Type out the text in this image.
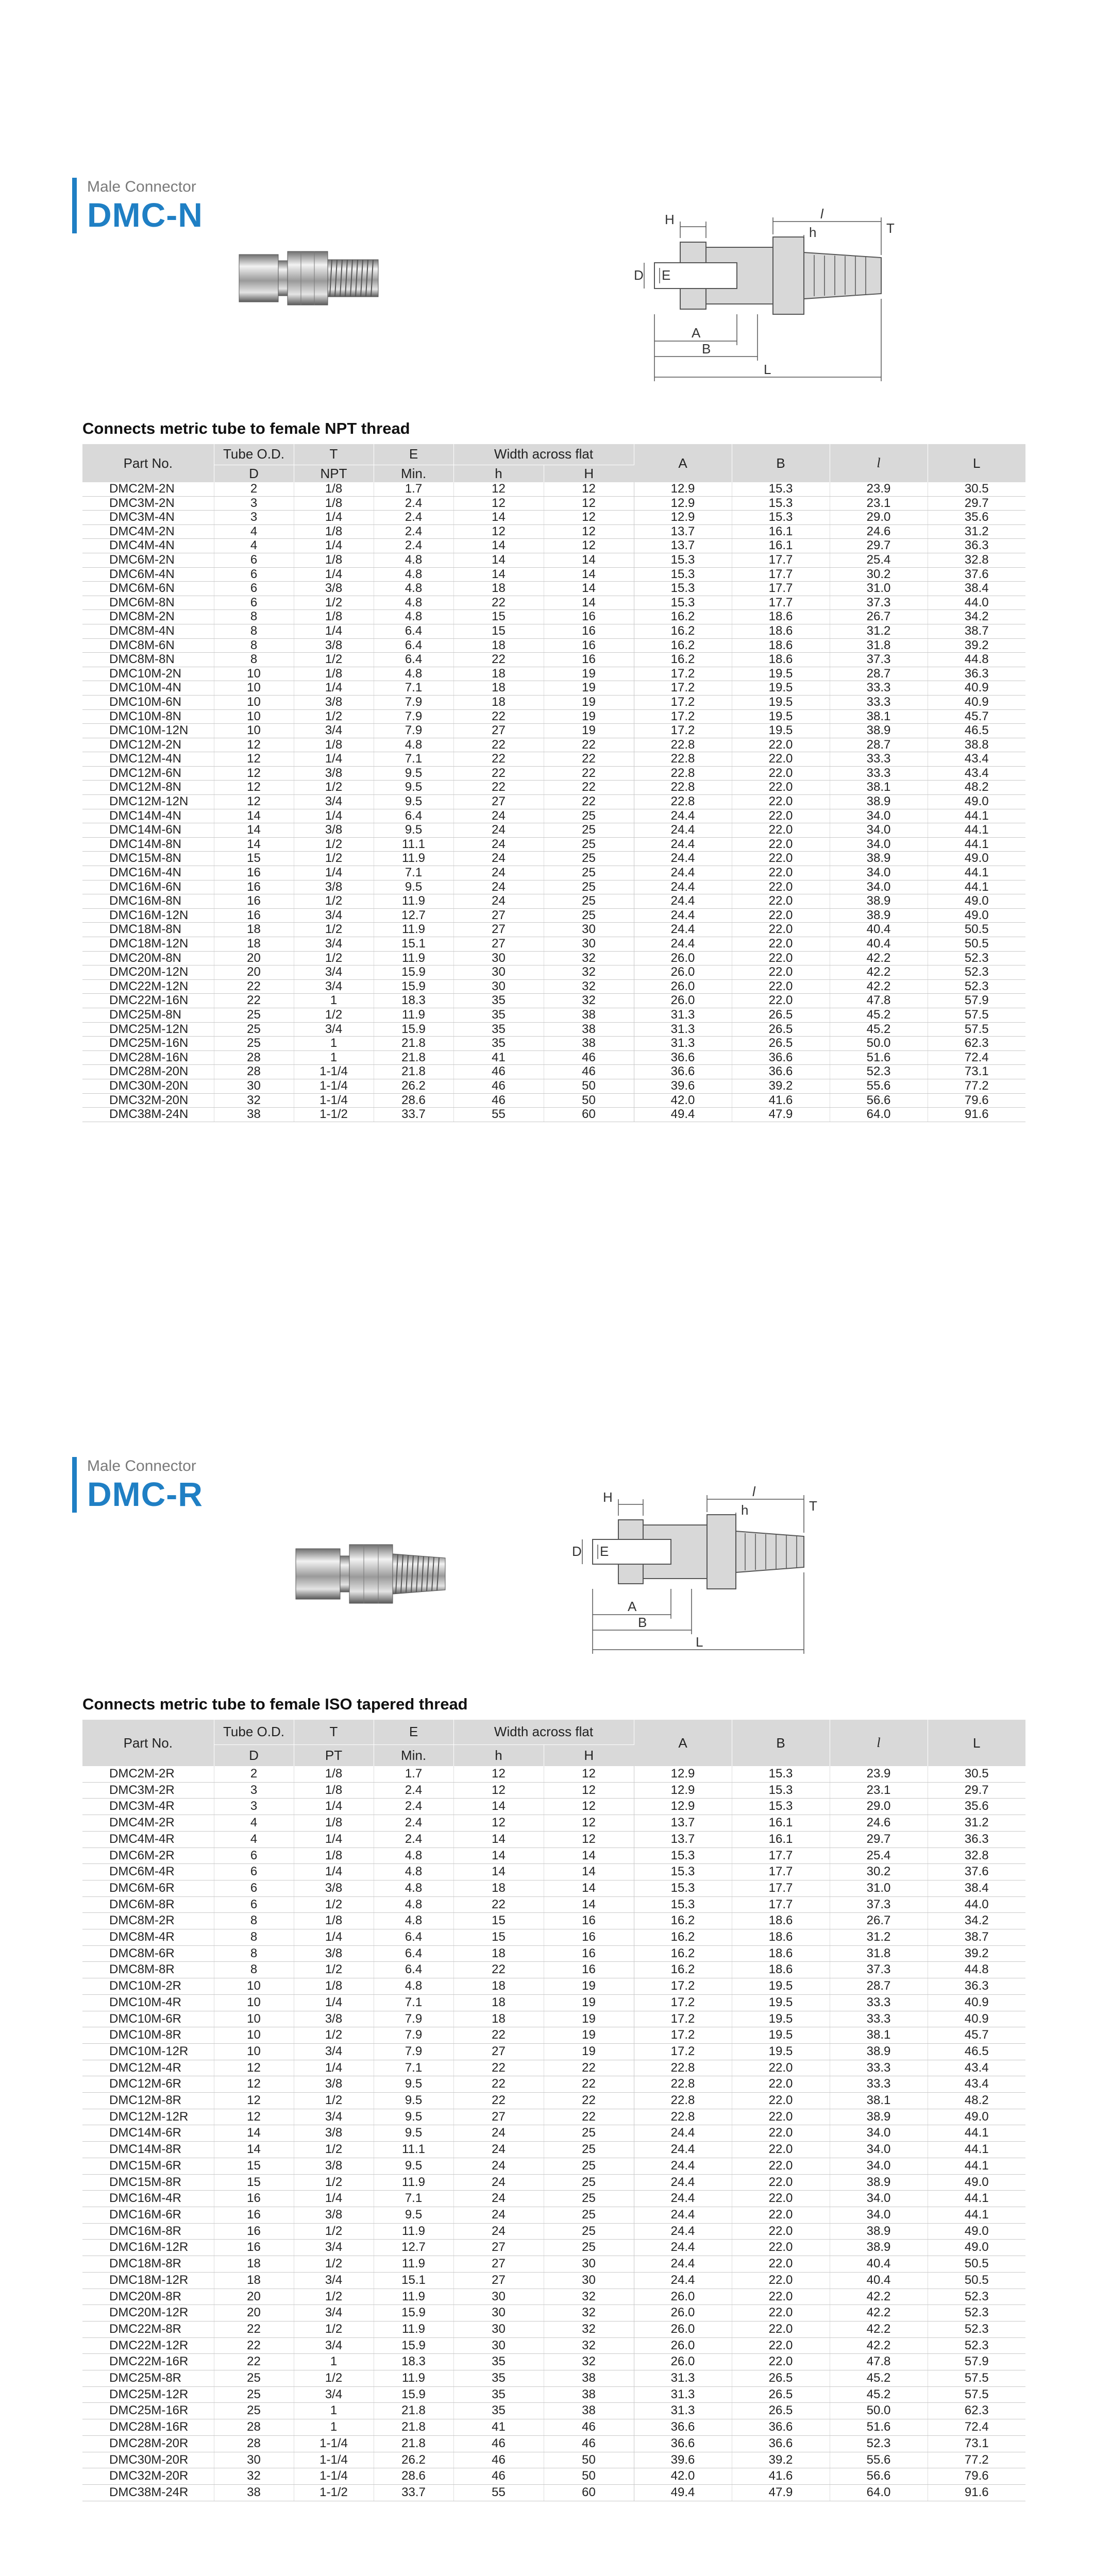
Male Connector
DMC-N	H	l
h	T
D E
A
B
L
Connects metric tube to female NPT thread
Part No.	Tube O.D.	T	E	Width across flat		A	B	l	L
	D	NPT	Min.	h	H				
DMC2M-2N	2	1/8	1.7	12	12	12.9	15.3	23.9	30.5
DMC3M-2N	3	1/8	2.4	12	12	12.9	15.3	23.1	29.7
DMC3M-4N	3	1/4	2.4	14	12	12.9	15.3	29.0	35.6
DMC4M-2N	4	1/8	2.4	12	12	13.7	16.1	24.6	31.2
DMC4M-4N	4	1/4	2.4	14	12	13.7	16.1	29.7	36.3
DMC6M-2N	6	1/8	4.8	14	14	15.3	17.7	25.4	32.8
DMC6M-4N	6	1/4	4.8	14	14	15.3	17.7	30.2	37.6
DMC6M-6N	6	3/8	4.8	18	14	15.3	17.7	31.0	38.4
DMC6M-8N	6	1/2	4.8	22	14	15.3	17.7	37.3	44.0
DMC8M-2N	8	1/8	4.8	15	16	16.2	18.6	26.7	34.2
DMC8M-4N	8	1/4	6.4	15	16	16.2	18.6	31.2	38.7
DMC8M-6N	8	3/8	6.4	18	16	16.2	18.6	31.8	39.2
DMC8M-8N	8	1/2	6.4	22	16	16.2	18.6	37.3	44.8
DMC10M-2N	10	1/8	4.8	18	19	17.2	19.5	28.7	36.3
DMC10M-4N	10	1/4	7.1	18	19	17.2	19.5	33.3	40.9
DMC10M-6N	10	3/8	7.9	18	19	17.2	19.5	33.3	40.9
DMC10M-8N	10	1/2	7.9	22	19	17.2	19.5	38.1	45.7
DMC10M-12N	10	3/4	7.9	27	19	17.2	19.5	38.9	46.5
DMC12M-2N	12	1/8	4.8	22	22	22.8	22.0	28.7	38.8
DMC12M-4N	12	1/4	7.1	22	22	22.8	22.0	33.3	43.4
DMC12M-6N	12	3/8	9.5	22	22	22.8	22.0	33.3	43.4
DMC12M-8N	12	1/2	9.5	22	22	22.8	22.0	38.1	48.2
DMC12M-12N	12	3/4	9.5	27	22	22.8	22.0	38.9	49.0
DMC14M-4N	14	1/4	6.4	24	25	24.4	22.0	34.0	44.1
DMC14M-6N	14	3/8	9.5	24	25	24.4	22.0	34.0	44.1
DMC14M-8N	14	1/2	11.1	24	25	24.4	22.0	34.0	44.1
DMC15M-8N	15	1/2	11.9	24	25	24.4	22.0	38.9	49.0
DMC16M-4N	16	1/4	7.1	24	25	24.4	22.0	34.0	44.1
DMC16M-6N	16	3/8	9.5	24	25	24.4	22.0	34.0	44.1
DMC16M-8N	16	1/2	11.9	24	25	24.4	22.0	38.9	49.0
DMC16M-12N	16	3/4	12.7	27	25	24.4	22.0	38.9	49.0
DMC18M-8N	18	1/2	11.9	27	30	24.4	22.0	40.4	50.5
DMC18M-12N	18	3/4	15.1	27	30	24.4	22.0	40.4	50.5
DMC20M-8N	20	1/2	11.9	30	32	26.0	22.0	42.2	52.3
DMC20M-12N	20	3/4	15.9	30	32	26.0	22.0	42.2	52.3
DMC22M-12N	22	3/4	15.9	30	32	26.0	22.0	42.2	52.3
DMC22M-16N	22	1	18.3	35	32	26.0	22.0	47.8	57.9
DMC25M-8N	25	1/2	11.9	35	38	31.3	26.5	45.2	57.5
DMC25M-12N	25	3/4	15.9	35	38	31.3	26.5	45.2	57.5
DMC25M-16N	25	1	21.8	35	38	31.3	26.5	50.0	62.3
DMC28M-16N	28	1	21.8	41	46	36.6	36.6	51.6	72.4
DMC28M-20N	28	1-1/4	21.8	46	46	36.6	36.6	52.3	73.1
DMC30M-20N	30	1-1/4	26.2	46	50	39.6	39.2	55.6	77.2
DMC32M-20N	32	1-1/4	28.6	46	50	42.0	41.6	56.6	79.6
DMC38M-24N	38	1-1/2	33.7	55	60	49.4	47.9	64.0	91.6
Male Connector
DMC-R	H	l
h	T
D E
A
B
L
Connects metric tube to female ISO tapered thread
Part No.	Tube O.D.	T	E	Width across flat		A	B	l	L
	D	PT	Min.	h	H				
DMC2M-2R	2	1/8	1.7	12	12	12.9	15.3	23.9	30.5
DMC3M-2R	3	1/8	2.4	12	12	12.9	15.3	23.1	29.7
DMC3M-4R	3	1/4	2.4	14	12	12.9	15.3	29.0	35.6
DMC4M-2R	4	1/8	2.4	12	12	13.7	16.1	24.6	31.2
DMC4M-4R	4	1/4	2.4	14	12	13.7	16.1	29.7	36.3
DMC6M-2R	6	1/8	4.8	14	14	15.3	17.7	25.4	32.8
DMC6M-4R	6	1/4	4.8	14	14	15.3	17.7	30.2	37.6
DMC6M-6R	6	3/8	4.8	18	14	15.3	17.7	31.0	38.4
DMC6M-8R	6	1/2	4.8	22	14	15.3	17.7	37.3	44.0
DMC8M-2R	8	1/8	4.8	15	16	16.2	18.6	26.7	34.2
DMC8M-4R	8	1/4	6.4	15	16	16.2	18.6	31.2	38.7
DMC8M-6R	8	3/8	6.4	18	16	16.2	18.6	31.8	39.2
DMC8M-8R	8	1/2	6.4	22	16	16.2	18.6	37.3	44.8
DMC10M-2R	10	1/8	4.8	18	19	17.2	19.5	28.7	36.3
DMC10M-4R	10	1/4	7.1	18	19	17.2	19.5	33.3	40.9
DMC10M-6R	10	3/8	7.9	18	19	17.2	19.5	33.3	40.9
DMC10M-8R	10	1/2	7.9	22	19	17.2	19.5	38.1	45.7
DMC10M-12R	10	3/4	7.9	27	19	17.2	19.5	38.9	46.5
DMC12M-4R	12	1/4	7.1	22	22	22.8	22.0	33.3	43.4
DMC12M-6R	12	3/8	9.5	22	22	22.8	22.0	33.3	43.4
DMC12M-8R	12	1/2	9.5	22	22	22.8	22.0	38.1	48.2
DMC12M-12R	12	3/4	9.5	27	22	22.8	22.0	38.9	49.0
DMC14M-6R	14	3/8	9.5	24	25	24.4	22.0	34.0	44.1
DMC14M-8R	14	1/2	11.1	24	25	24.4	22.0	34.0	44.1
DMC15M-6R	15	3/8	9.5	24	25	24.4	22.0	34.0	44.1
DMC15M-8R	15	1/2	11.9	24	25	24.4	22.0	38.9	49.0
DMC16M-4R	16	1/4	7.1	24	25	24.4	22.0	34.0	44.1
DMC16M-6R	16	3/8	9.5	24	25	24.4	22.0	34.0	44.1
DMC16M-8R	16	1/2	11.9	24	25	24.4	22.0	38.9	49.0
DMC16M-12R	16	3/4	12.7	27	25	24.4	22.0	38.9	49.0
DMC18M-8R	18	1/2	11.9	27	30	24.4	22.0	40.4	50.5
DMC18M-12R	18	3/4	15.1	27	30	24.4	22.0	40.4	50.5
DMC20M-8R	20	1/2	11.9	30	32	26.0	22.0	42.2	52.3
DMC20M-12R	20	3/4	15.9	30	32	26.0	22.0	42.2	52.3
DMC22M-8R	22	1/2	11.9	30	32	26.0	22.0	42.2	52.3
DMC22M-12R	22	3/4	15.9	30	32	26.0	22.0	42.2	52.3
DMC22M-16R	22	1	18.3	35	32	26.0	22.0	47.8	57.9
DMC25M-8R	25	1/2	11.9	35	38	31.3	26.5	45.2	57.5
DMC25M-12R	25	3/4	15.9	35	38	31.3	26.5	45.2	57.5
DMC25M-16R	25	1	21.8	35	38	31.3	26.5	50.0	62.3
DMC28M-16R	28	1	21.8	41	46	36.6	36.6	51.6	72.4
DMC28M-20R	28	1-1/4	21.8	46	46	36.6	36.6	52.3	73.1
DMC30M-20R	30	1-1/4	26.2	46	50	39.6	39.2	55.6	77.2
DMC32M-20R	32	1-1/4	28.6	46	50	42.0	41.6	56.6	79.6
DMC38M-24R	38	1-1/2	33.7	55	60	49.4	47.9	64.0	91.6
